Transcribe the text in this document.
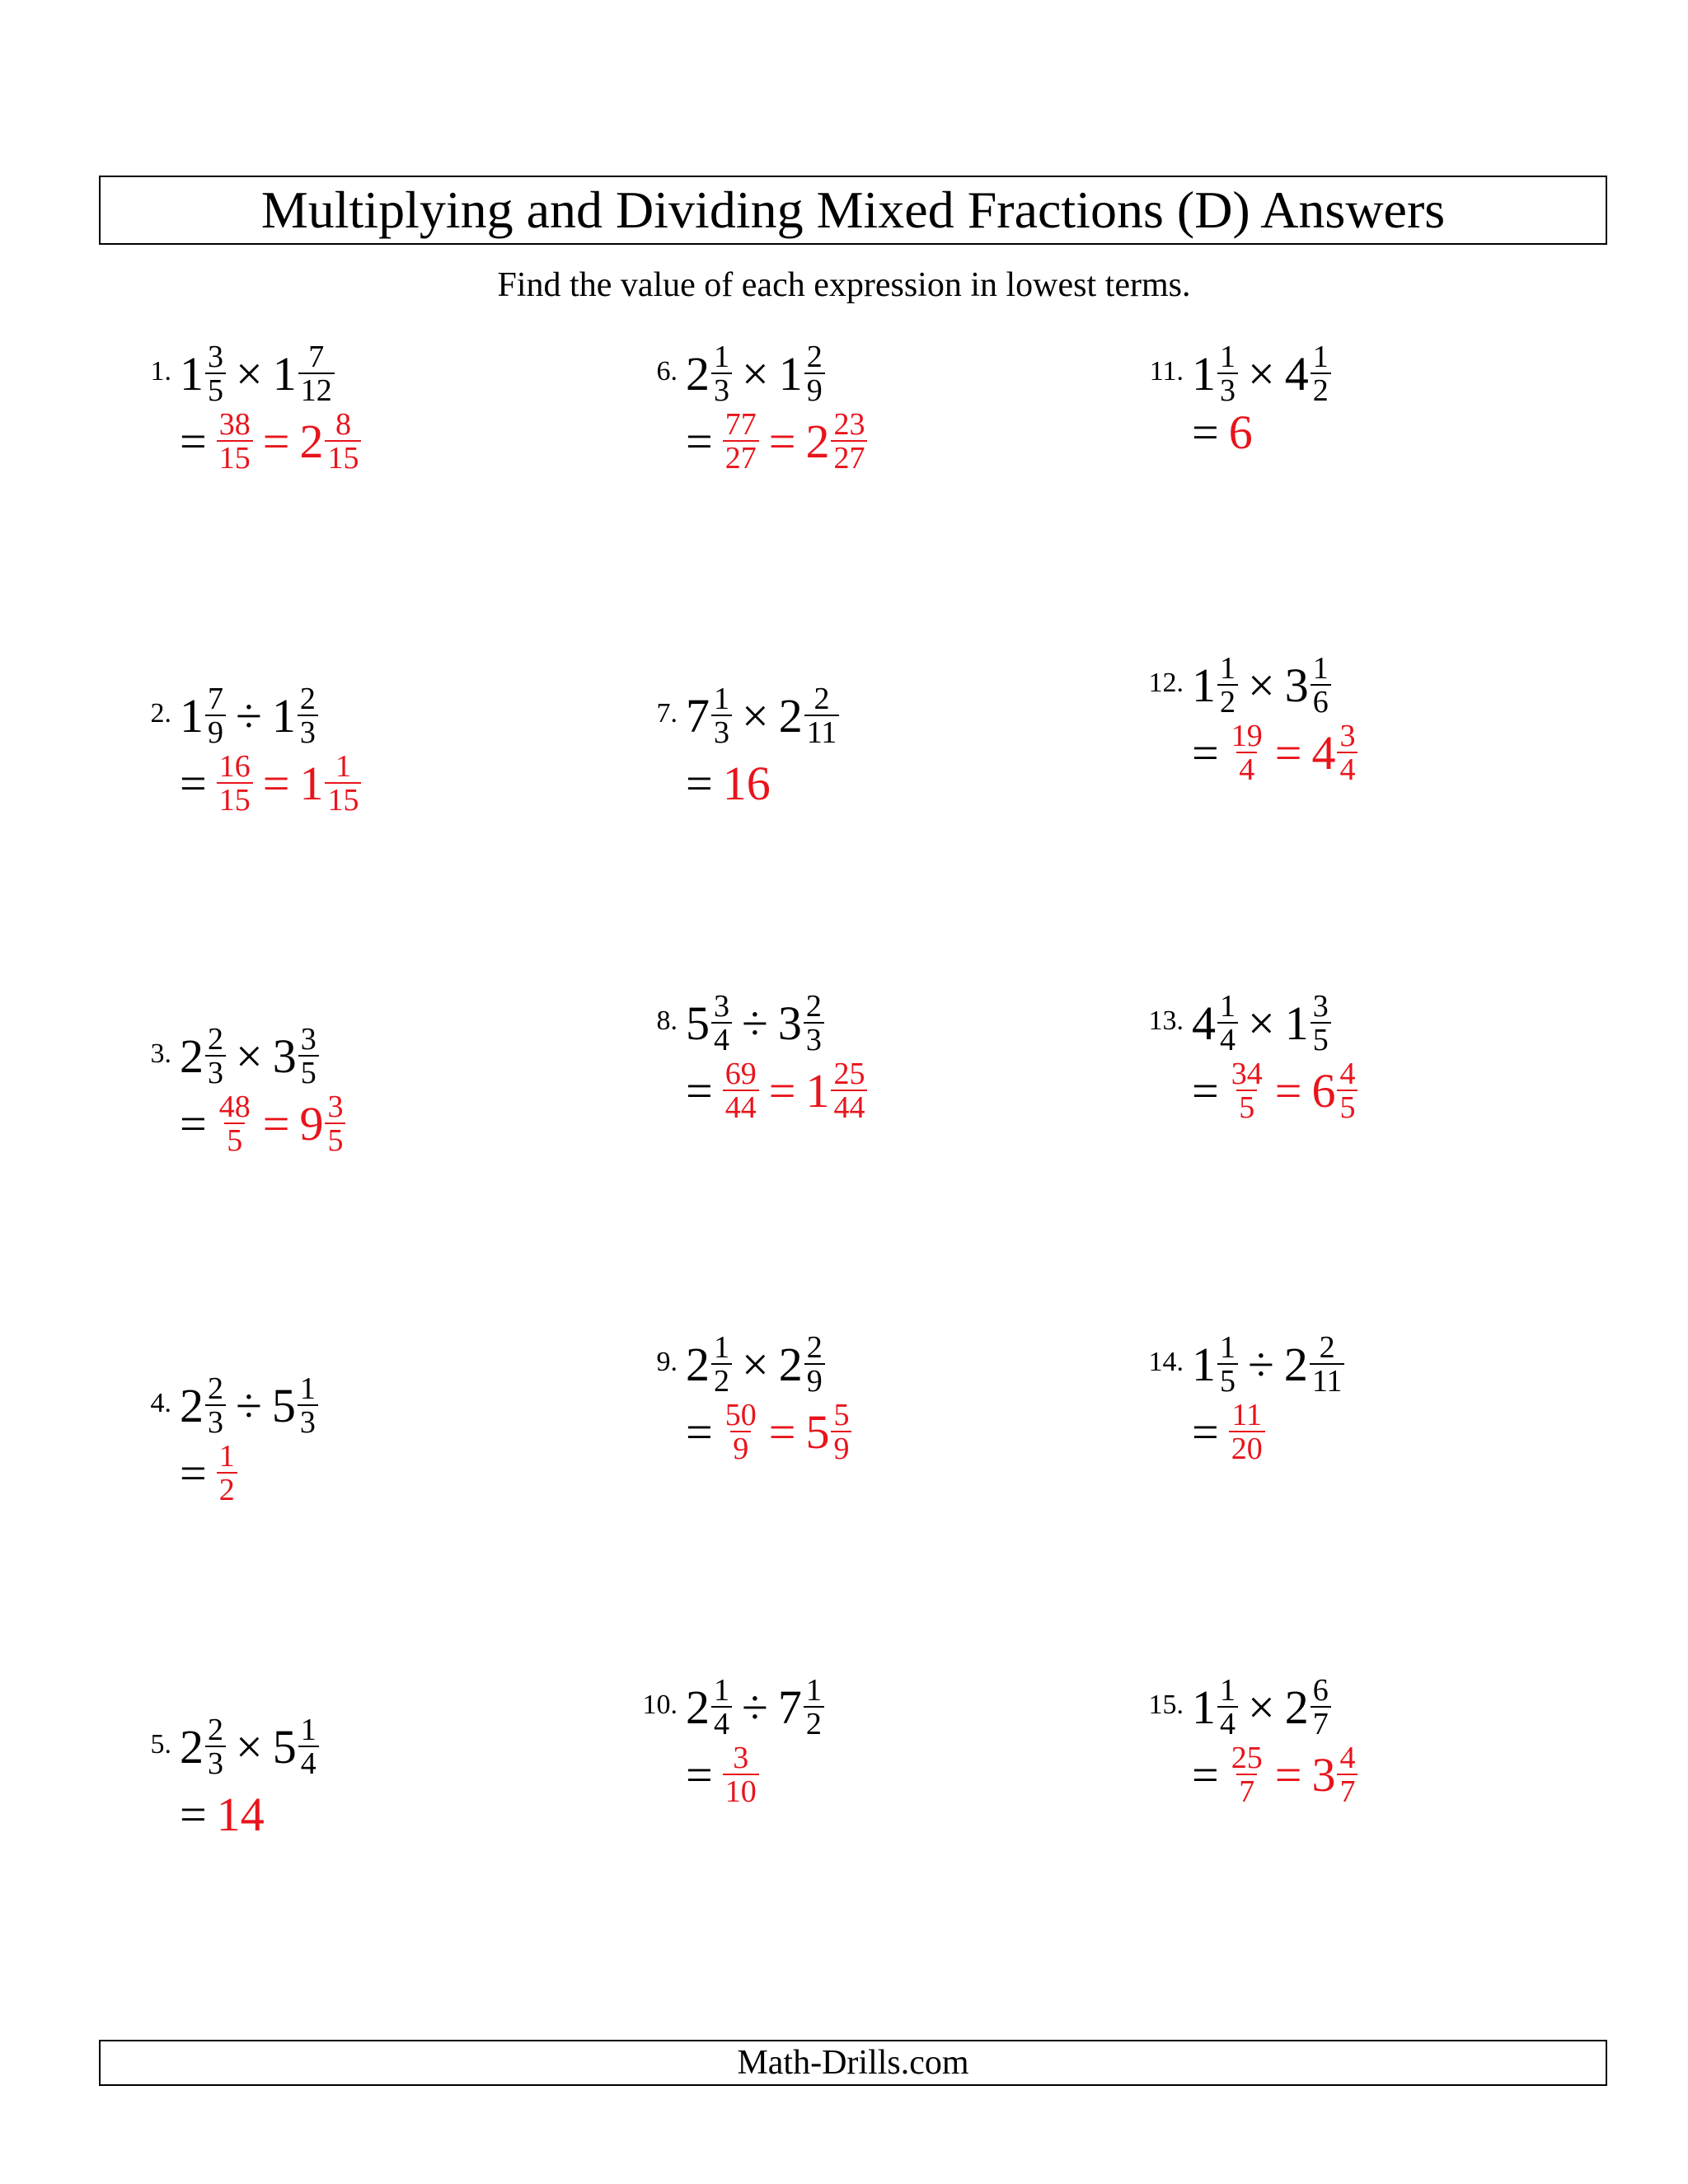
Multiplying and Dividing Mixed Fractions (D) Answers
Find the value of each expression in lowest terms.
1. $1 \frac{3}{5} \times 1 \frac{7}{12}$
= $\frac{38}{15} = 2 \frac{8}{15}$
2. $1 \frac{7}{9} \div 1 \frac{2}{3}$
= $\frac{16}{15} = 1 \frac{1}{15}$
3. $2 \frac{2}{3} \times 3 \frac{3}{5}$
= $\frac{48}{5} = 9 \frac{3}{5}$
4. $2 \frac{2}{3} \div 5 \frac{1}{3}$
= $\frac{1}{2}$
5. $2 \frac{2}{3} \times 5 \frac{1}{4}$
= 14
6. $2 \frac{1}{3} \times 1 \frac{2}{9}$
= $\frac{77}{27} = 2 \frac{23}{27}$
7. $7 \frac{1}{3} \times 2 \frac{2}{11}$
= 16
8. $5 \frac{3}{4} \div 3 \frac{2}{3}$
= $\frac{69}{44} = 1 \frac{25}{44}$
9. $2 \frac{1}{2} \times 2 \frac{2}{9}$
= $\frac{50}{9} = 5 \frac{5}{9}$
10. $2 \frac{1}{4} \div 7 \frac{1}{2}$
= $\frac{3}{10}$
11. $1 \frac{1}{3} \times 4 \frac{1}{2}$
= 6
12. $1 \frac{1}{2} \times 3 \frac{1}{6}$
= $\frac{19}{4} = 4 \frac{3}{4}$
13. $4 \frac{1}{4} \times 1 \frac{3}{5}$
= $\frac{34}{5} = 6 \frac{4}{5}$
14. $1 \frac{1}{5} \div 2 \frac{2}{11}$
= $\frac{11}{20}$
15. $1 \frac{1}{4} \times 2 \frac{6}{7}$
= $\frac{25}{7} = 3 \frac{4}{7}$
Math-Drills.com
